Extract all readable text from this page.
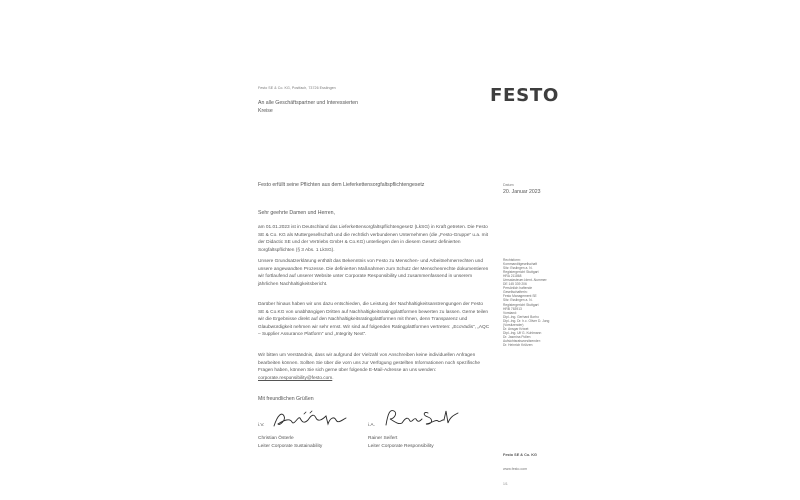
Festo SE & Co. KG, Postfach, 73726 Esslingen	FESTO
An alle Geschäftspartner und Interessierten
Kreise
Festo erfüllt seine Pflichten aus dem Lieferkettensorgfaltspflichtengesetz	Datum
20. Januar 2023
Sehr geehrte Damen und Herren,

am 01.01.2023 ist in Deutschland das Lieferkettensorgfaltspflichtengesetz (LkSG) in Kraft getreten. Die Festo SE & Co. KG als Muttergesellschaft und die rechtlich verbundenen Unternehmen (die „Festo-Gruppe“ u.a. mit der Didactic SE und der Vertriebs GmbH & Co.KG) unterliegen den in diesem Gesetz definierten Sorgfaltspflichten (§ 3 Abs. 1 LkSG).

Unsere Grundsatzerklärung enthält das Bekenntnis von Festo zu Menschen- und Arbeitnehmerrechten und unsere angewandten Prozesse. Die definierten Maßnahmen zum Schutz der Menschenrechte dokumentieren wir fortlaufend auf unserer Website unter Corporate Responsibility und zusammenfassend in unserem jährlichen Nachhaltigkeitsbericht.

Darüber hinaus haben wir uns dazu entschieden, die Leistung der Nachhaltigkeitsanstrengungen der Festo SE & Co.KG von unabhängigen Dritten auf Nachhaltigkeitsratingplattformen bewerten zu lassen. Gerne teilen wir die Ergebnisse direkt auf den Nachhaltigkeitsratingplattformen mit Ihnen, denn Transparenz und Glaubwürdigkeit nehmen wir sehr ernst. Wir sind auf folgenden Ratingplattformen vertreten: „EcoVadis“, „AQC – Supplier Assurance Platform“ und „Integrity Next“.

Wir bitten um Verständnis, dass wir aufgrund der Vielzahl von Anschreiben keine individuellen Anfragen bearbeiten können. Sollten Sie über die vorn uns zur Verfügung gestellten Informationen noch spezifische Fragen haben, können Sie sich gerne über folgende E-Mail-Adresse an uns wenden: corporate.responsibility@festo.com.

Mit freundlichen Grüßen
i.V.	i.A.
Christian Österle
Leiter Corporate Sustainability
Rainer Seifert
Leiter Corporate Responsibility
Rechtsform:
Kommanditgesellschaft
Sitz: Esslingen a. N.
Registergericht Stuttgart
HRA 211868
Umsatzsteuer-Ident.-Nummer:
DE 145 339 206
Persönlich haftende
Gesellschafterin:
Festo Management SE
Sitz: Esslingen a. N.
Registergericht Stuttgart
HRB 763913
Vorstand:
Dipl.-Ing. Gerhard Borho
Dipl.-Ing. Dr. h.c. Oliver D. Jung
(Vorsitzender)
Dr. Ansgar Kriwet
Dipl.-Ing. Ulf G. Kuhlmann
Dr. Jasmina Pollen
Aufsichtsratsvorsitzender:
Dr. Heinrich Krützen
Festo SE & Co. KG
www.festo.com
1/1
